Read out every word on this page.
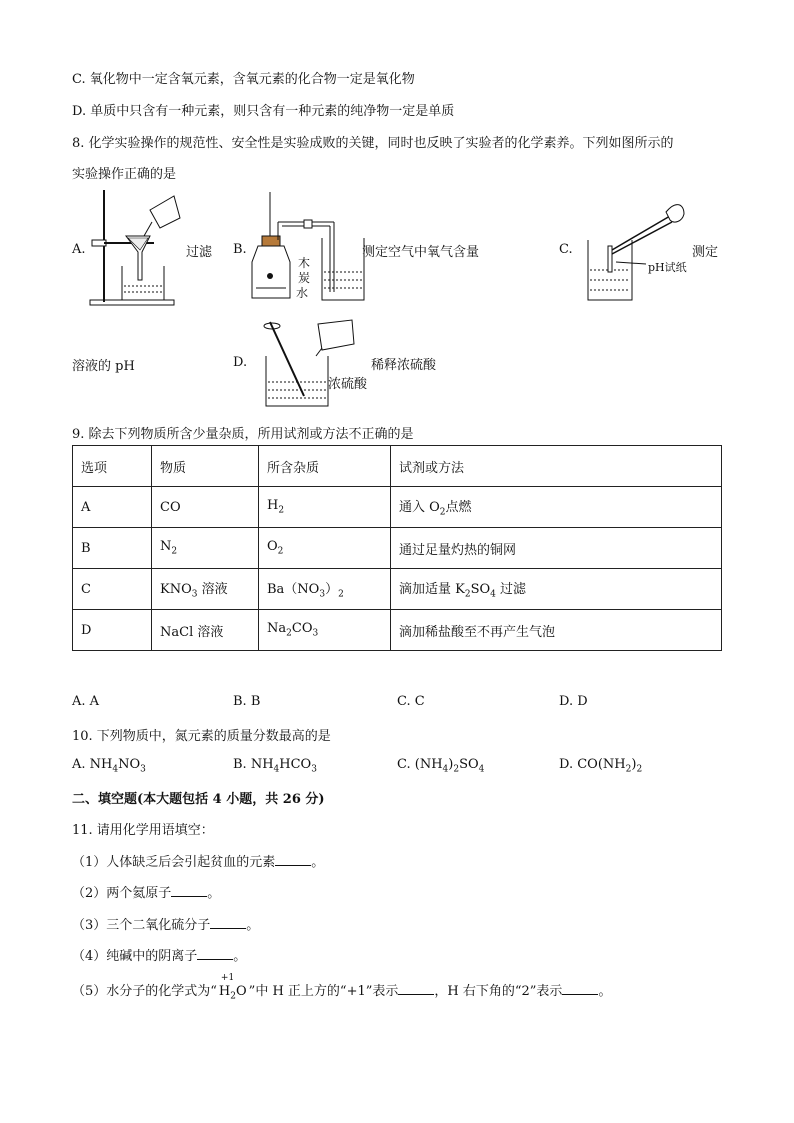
C. 氧化物中一定含氧元素，含氧元素的化合物一定是氧化物
D. 单质中只含有一种元素，则只含有一种元素的纯净物一定是单质
8. 化学实验操作的规范性、安全性是实验成败的关键，同时也反映了实验者的化学素养。下列如图所示的
实验操作正确的是
A.	过滤 B.
木
炭
水
测定空气中氧气含量	C.
pH试纸
测定
溶液的 pH	D.
浓硫酸
稀释浓硫酸
9. 除去下列物质所含少量杂质，所用试剂或方法不正确的是
选项	物质	所含杂质	试剂或方法
A	CO	$H_2$	通入 $O_2$点燃
B	$N_2$	$O_2$	通过足量灼热的铜网
C	$KNO_3$ 溶液	$Ba(NO_3)_2$	滴加适量 $K_2SO_4$ 过滤
D	NaCl 溶液	$Na_2CO_3$	滴加稀盐酸至不再产生气泡
A. A	B. B	C. C	D. D
10. 下列物质中，氮元素的质量分数最高的是
A. $NH_4NO_3$	B. $NH_4HCO_3$	C. $(NH_4)_2SO_4$	D. $CO(NH_2)_2$
二、填空题(本大题包括 4 小题，共 26 分)
11. 请用化学用语填空：
（1）人体缺乏后会引起贫血的元素	。
（2）两个氦原子	。
（3）三个二氧化硫分子	。
（4）纯碱中的阴离子	。
（5）水分子的化学式为“
+1
$H_2O$ ”中 H 正上方的“+1”表示	，H 右下角的“2”表示	。
